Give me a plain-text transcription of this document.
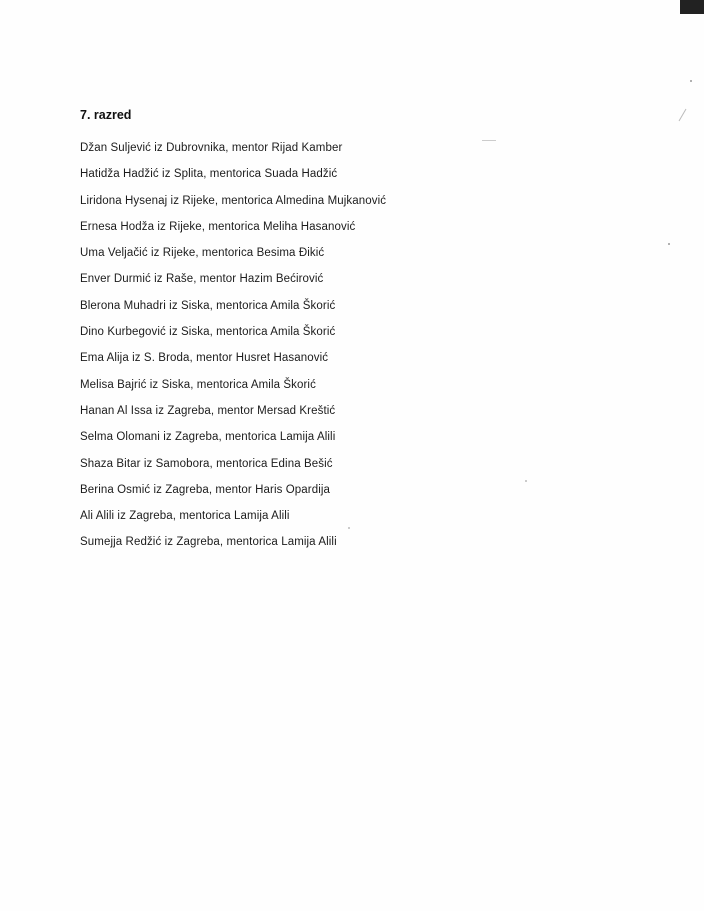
7. razred
Džan Suljević iz Dubrovnika, mentor Rijad Kamber
Hatidža Hadžić iz Splita, mentorica Suada Hadžić
Liridona Hysenaj iz Rijeke, mentorica Almedina Mujkanović
Ernesa Hodža iz Rijeke, mentorica Meliha Hasanović
Uma Veljačić iz Rijeke, mentorica Besima Đikić
Enver Durmić iz Raše, mentor Hazim Bećirović
Blerona Muhadri iz Siska, mentorica Amila Škorić
Dino Kurbegović iz Siska, mentorica Amila Škorić
Ema Alija iz S. Broda, mentor Husret Hasanović
Melisa Bajrić iz Siska, mentorica Amila Škorić
Hanan Al Issa iz Zagreba, mentor Mersad Kreštić
Selma Olomani iz Zagreba, mentorica Lamija Alili
Shaza Bitar iz Samobora, mentorica Edina Bešić
Berina Osmić iz Zagreba, mentor Haris Opardija
Ali Alili iz Zagreba, mentorica Lamija Alili
Sumejja Redžić iz Zagreba, mentorica Lamija Alili
